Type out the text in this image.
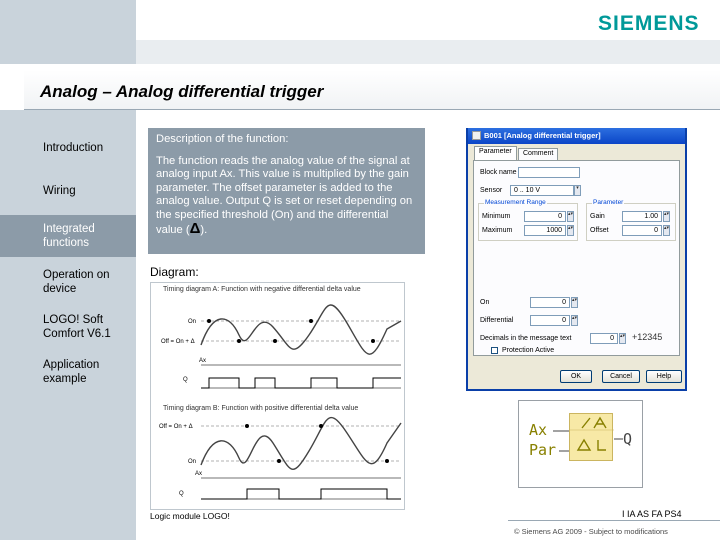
SIEMENS
Analog – Analog differential trigger
Introduction
Wiring
Integrated functions
Operation on device
LOGO! Soft Comfort V6.1
Application example
Description of the function:
The function reads the analog value of the signal at analog input Ax. This value is multiplied by the gain parameter. The offset parameter is added to the analog value. Output Q is set or reset depending on the specified threshold (On) and the differential value (Δ).
Diagram:
Timing diagram A: Function with negative differential delta value
Timing diagram B: Function with positive differential delta value
On
Off = On + Δ
Ax
Q
Off = On + Δ
On
Ax
Q
B001 [Analog differential trigger]
Parameter	Comment
Block name
Sensor	0 .. 10 V	▾
Measurement Range
Minimum	0	▴▾
Maximum	1000	▴▾
Parameter
Gain	1.00	▴▾
Offset	0	▴▾
On	0	▴▾
Differential	0	▴▾
Decimals in the message text	0	▴▾ +12345
Protection Active
OK	Cancel	Help
Ax
Par
Q
Logic module LOGO!	I IA AS FA PS4
© Siemens AG 2009 - Subject to modifications
